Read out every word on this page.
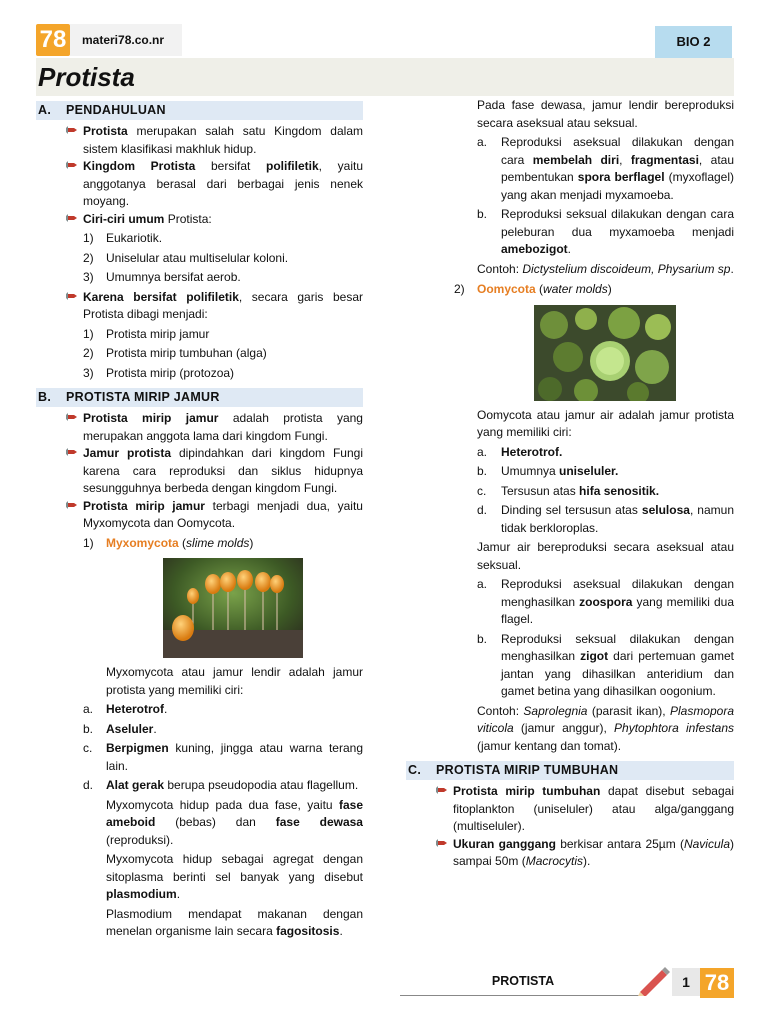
78	materi78.co.nr	BIO 2
Protista
A. PENDAHULUAN
Protista merupakan salah satu Kingdom dalam sistem klasifikasi makhluk hidup.
Kingdom Protista bersifat polifiletik, yaitu anggotanya berasal dari berbagai jenis nenek moyang.
Ciri-ciri umum Protista:
1) Eukariotik.
2) Uniselular atau multiselular koloni.
3) Umumnya bersifat aerob.
Karena bersifat polifiletik, secara garis besar Protista dibagi menjadi:
1) Protista mirip jamur
2) Protista mirip tumbuhan (alga)
3) Protista mirip (protozoa)
B. PROTISTA MIRIP JAMUR
Protista mirip jamur adalah protista yang merupakan anggota lama dari kingdom Fungi.
Jamur protista dipindahkan dari kingdom Fungi karena cara reproduksi dan siklus hidupnya sesungguhnya berbeda dengan kingdom Fungi.
Protista mirip jamur terbagi menjadi dua, yaitu Myxomycota dan Oomycota.
1) Myxomycota (slime molds)
Myxomycota atau jamur lendir adalah jamur protista yang memiliki ciri:
a. Heterotrof.
b. Aseluler.
c. Berpigmen kuning, jingga atau warna terang lain.
d. Alat gerak berupa pseudopodia atau flagellum.
Myxomycota hidup pada dua fase, yaitu fase ameboid (bebas) dan fase dewasa (reproduksi).
Myxomycota hidup sebagai agregat dengan sitoplasma berinti sel banyak yang disebut plasmodium.
Plasmodium mendapat makanan dengan menelan organisme lain secara fagositosis.
Pada fase dewasa, jamur lendir bereproduksi secara aseksual atau seksual.
a. Reproduksi aseksual dilakukan dengan cara membelah diri, fragmentasi, atau pembentukan spora berflagel (myxoflagel) yang akan menjadi myxamoeba.
b. Reproduksi seksual dilakukan dengan cara peleburan dua myxamoeba menjadi amebozigot.
Contoh: Dictystelium discoideum, Physarium sp.
2) Oomycota (water molds)
Oomycota atau jamur air adalah jamur protista yang memiliki ciri:
a. Heterotrof.
b. Umumnya uniseluler.
c. Tersusun atas hifa senositik.
d. Dinding sel tersusun atas selulosa, namun tidak berkloroplas.
Jamur air bereproduksi secara aseksual atau seksual.
a. Reproduksi aseksual dilakukan dengan menghasilkan zoospora yang memiliki dua flagel.
b. Reproduksi seksual dilakukan dengan menghasilkan zigot dari pertemuan gamet jantan yang dihasilkan anteridium dan gamet betina yang dihasilkan oogonium.
Contoh: Saprolegnia (parasit ikan), Plasmopora viticola (jamur anggur), Phytophtora infestans (jamur kentang dan tomat).
C. PROTISTA MIRIP TUMBUHAN
Protista mirip tumbuhan dapat disebut sebagai fitoplankton (uniseluler) atau alga/ganggang (multiseluler).
Ukuran ganggang berkisar antara 25µm (Navicula) sampai 50m (Macrocytis).
PROTISTA	1 78
